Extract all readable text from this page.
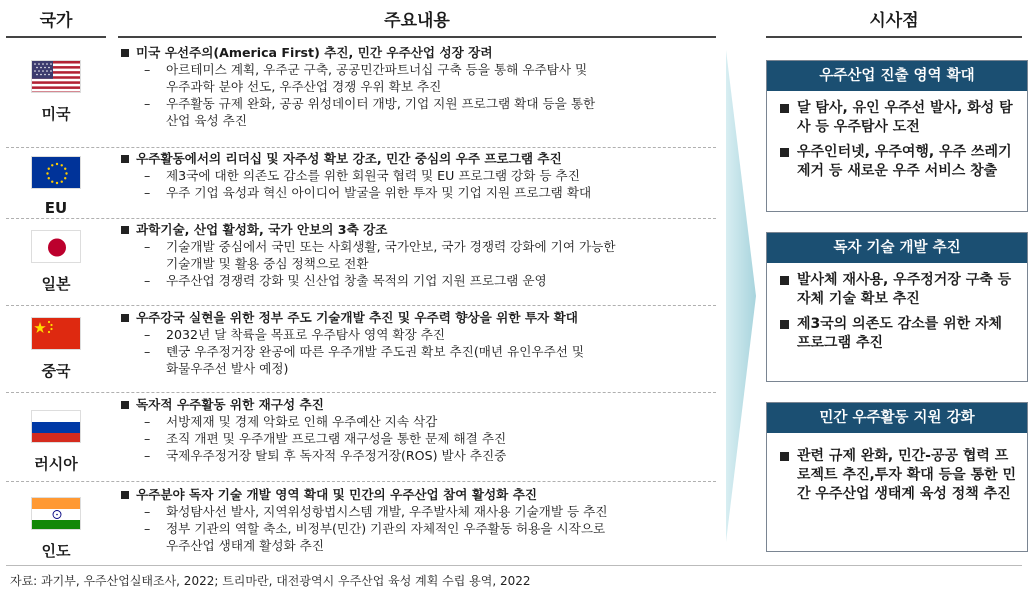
국가	주요내용	시사점
미국
미국 우선주의(America First) 추진, 민간 우주산업 성장 장려
– 아르테미스 계획, 우주군 구축, 공공민간파트너십 구축 등을 통해 우주탐사 및
우주과학 분야 선도, 우주산업 경쟁 우위 확보 추진
– 우주활동 규제 완화, 공공 위성데이터 개방, 기업 지원 프로그램 확대 등을 통한
산업 육성 추진
EU
우주활동에서의 리더십 및 자주성 확보 강조, 민간 중심의 우주 프로그램 추진
– 제3국에 대한 의존도 감소를 위한 회원국 협력 및 EU 프로그램 강화 등 추진
– 우주 기업 육성과 혁신 아이디어 발굴을 위한 투자 및 기업 지원 프로그램 확대
일본
과학기술, 산업 활성화, 국가 안보의 3축 강조
– 기술개발 중심에서 국민 또는 사회생활, 국가안보, 국가 경쟁력 강화에 기여 가능한
기술개발 및 활용 중심 정책으로 전환
– 우주산업 경쟁력 강화 및 신산업 창출 목적의 기업 지원 프로그램 운영
중국
우주강국 실현을 위한 정부 주도 기술개발 추진 및 우주력 향상을 위한 투자 확대
– 2032년 달 착륙을 목표로 우주탐사 영역 확장 추진
– 톈궁 우주정거장 완공에 따른 우주개발 주도권 확보 추진(매년 유인우주선 및
화물우주선 발사 예정)
러시아
독자적 우주활동 위한 재구성 추진
– 서방제재 및 경제 악화로 인해 우주예산 지속 삭감
– 조직 개편 및 우주개발 프로그램 재구성을 통한 문제 해결 추진
– 국제우주정거장 탈퇴 후 독자적 우주정거장(ROS) 발사 추진중
인도
우주분야 독자 기술 개발 영역 확대 및 민간의 우주산업 참여 활성화 추진
– 화성탐사선 발사, 지역위성항법시스템 개발, 우주발사체 재사용 기술개발 등 추진
– 정부 기관의 역할 축소, 비정부(민간) 기관의 자체적인 우주활동 허용을 시작으로
우주산업 생태계 활성화 추진
우주산업 진출 영역 확대
달 탐사, 유인 우주선 발사, 화성 탐사 등 우주탐사 도전
우주인터넷, 우주여행, 우주 쓰레기 제거 등 새로운 우주 서비스 창출
독자 기술 개발 추진
발사체 재사용, 우주정거장 구축 등 자체 기술 확보 추진
제3국의 의존도 감소를 위한 자체 프로그램 추진
민간 우주활동 지원 강화
관련 규제 완화, 민간-공공 협력 프로젝트 추진,투자 확대 등을 통한 민간 우주산업 생태계 육성 정책 추진
자료: 과기부, 우주산업실태조사, 2022; 트리마란, 대전광역시 우주산업 육성 계획 수립 용역, 2022
